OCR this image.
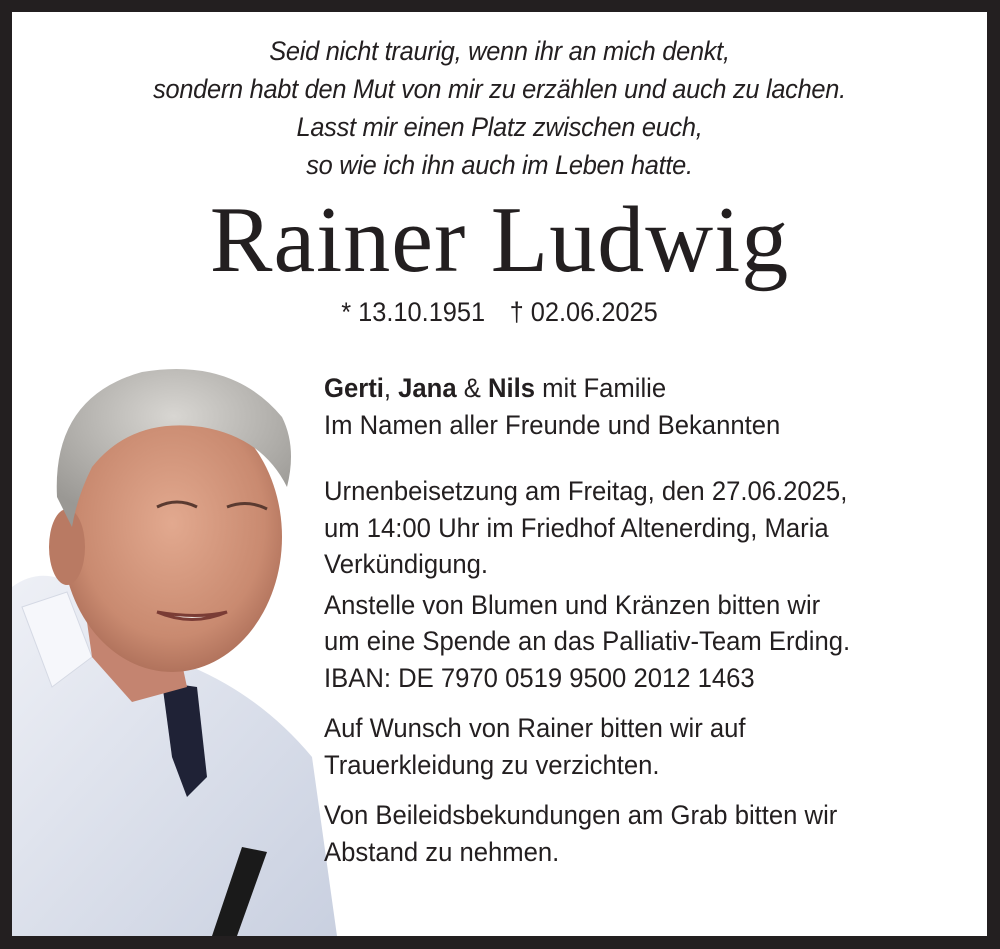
Seid nicht traurig, wenn ihr an mich denkt,
sondern habt den Mut von mir zu erzählen und auch zu lachen.
Lasst mir einen Platz zwischen euch,
so wie ich ihn auch im Leben hatte.
Rainer Ludwig
* 13.10.1951 † 02.06.2025

Gerti, Jana & Nils mit Familie

Im Namen aller Freunde und Bekannten

Urnenbeisetzung am Freitag, den 27.06.2025,

um 14:00 Uhr im Friedhof Altenerding, Maria

Verkündigung.

Anstelle von Blumen und Kränzen bitten wir

um eine Spende an das Palliativ-Team Erding.

IBAN: DE 7970 0519 9500 2012 1463

Auf Wunsch von Rainer bitten wir auf

Trauerkleidung zu verzichten.

Von Beileidsbekundungen am Grab bitten wir

Abstand zu nehmen.
